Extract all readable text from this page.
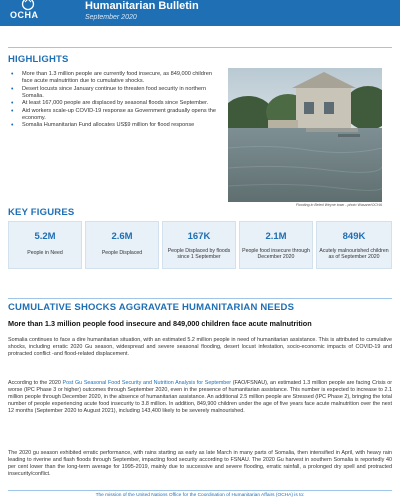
OCHA
Humanitarian Bulletin
September 2020
HIGHLIGHTS
• More than 1.3 million people are currently food insecure, as 849,000 children face acute malnutrition due to cumulative shocks.
• Desert locusts since January continue to threaten food security in northern Somalia.
• At least 167,000 people are displaced by seasonal floods since September.
• Aid workers scale-up COVID-19 response as Government gradually opens the economy.
• Somalia Humanitarian Fund allocates US$9 million for flood response
Flooding in Beled Weyne town - photo Wasane/OCHA
KEY FIGURES
5.2M
People in Need
2.6M
People Displaced
167K
People Displaced by floods since 1 September
2.1M
People food insecure through December 2020
849K
Acutely malnourished children as of September 2020
CUMULATIVE SHOCKS AGGRAVATE HUMANITARIAN NEEDS
More than 1.3 million people food insecure and 849,000 children face acute malnutrition
Somalia continues to face a dire humanitarian situation, with an estimated 5.2 million people in need of humanitarian assistance. This is attributed to cumulative shocks, including erratic 2020 Gu season, widespread and severe seasonal flooding, desert locust infestation, socio-economic impacts of COVID-19 and protracted conflict -and flood-related displacement.
According to the 2020 Post Gu Seasonal Food Security and Nutrition Analysis for September (FAO/FSNAU), an estimated 1.3 million people are facing Crisis or worse (IPC Phase 3 or higher) outcomes through September 2020, even in the presence of humanitarian assistance. This number is expected to increase to 2.1 million people through December 2020, in the absence of humanitarian assistance. An additional 2.5 million people are Stressed (IPC Phase 2), bringing the total number of people experiencing acute food insecurity to 3.8 million. In addition, 849,900 children under the age of five years face acute malnutrition over the next 12 months (September 2020 to August 2021), including 143,400 likely to be severely malnourished.
The 2020 gu season exhibited erratic performance, with rains starting as early as late March in many parts of Somalia, then intensified in April, with heavy rain leading to riverine and flash floods through September, impacting food security according to FSNAU. The 2020 Gu harvest in southern Somalia is reportedly 40 per cent lower than the long-term average for 1995-2019, mainly due to successive and severe flooding, erratic rainfall, a prolonged dry spell and protracted insecurity/conflict.
The mission of the United Nations Office for the Coordination of Humanitarian Affairs (OCHA) is to:
